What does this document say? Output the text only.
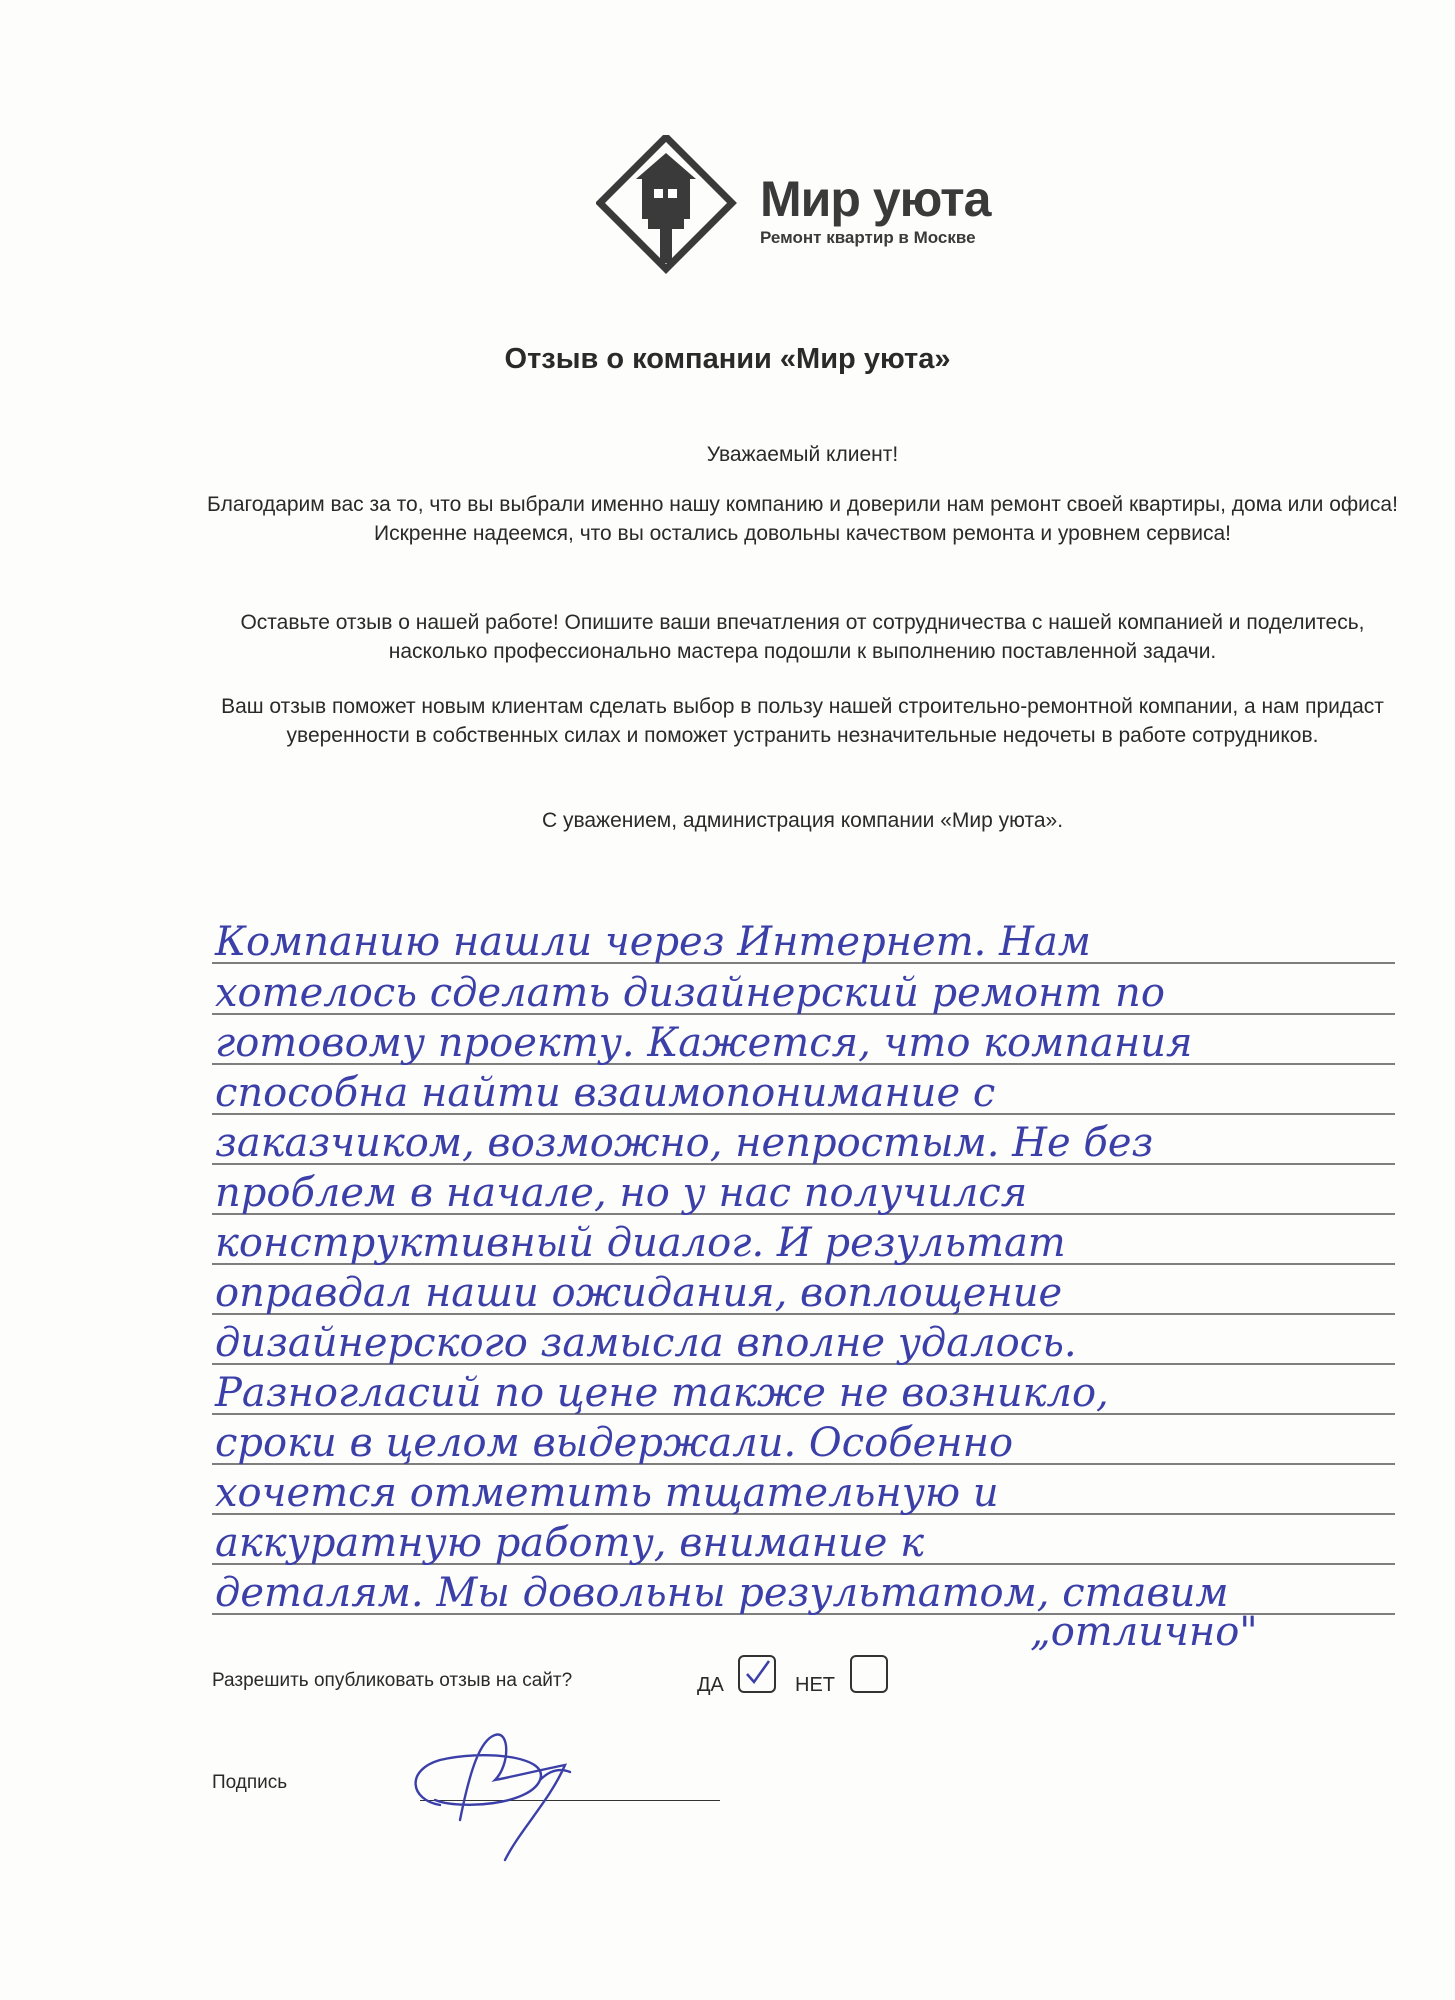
Мир уюта
Ремонт квартир в Москве
Отзыв о компании «Мир уюта»
Уважаемый клиент!
Благодарим вас за то, что вы выбрали именно нашу компанию и доверили нам ремонт своей квартиры, дома или офиса! Искренне надеемся, что вы остались довольны качеством ремонта и уровнем сервиса!
Оставьте отзыв о нашей работе! Опишите ваши впечатления от сотрудничества с нашей компанией и поделитесь, насколько профессионально мастера подошли к выполнению поставленной задачи.
Ваш отзыв поможет новым клиентам сделать выбор в пользу нашей строительно-ремонтной компании, а нам придаст уверенности в собственных силах и поможет устранить незначительные недочеты в работе сотрудников.
С уважением, администрация компании «Мир уюта».
Компанию нашли через Интернет. Нам
хотелось сделать дизайнерский ремонт по
готовому проекту. Кажется, что компания
способна найти взаимопонимание с
заказчиком, возможно, непростым. Не без
проблем в начале, но у нас получился
конструктивный диалог. И результат
оправдал наши ожидания, воплощение
дизайнерского замысла вполне удалось.
Разногласий по цене также не возникло,
сроки в целом выдержали. Особенно
хочется отметить тщательную и
аккуратную работу, внимание к
деталям. Мы довольны результатом, ставим
„отлично"
Разрешить опубликовать отзыв на сайт?	ДА	НЕТ
Подпись
